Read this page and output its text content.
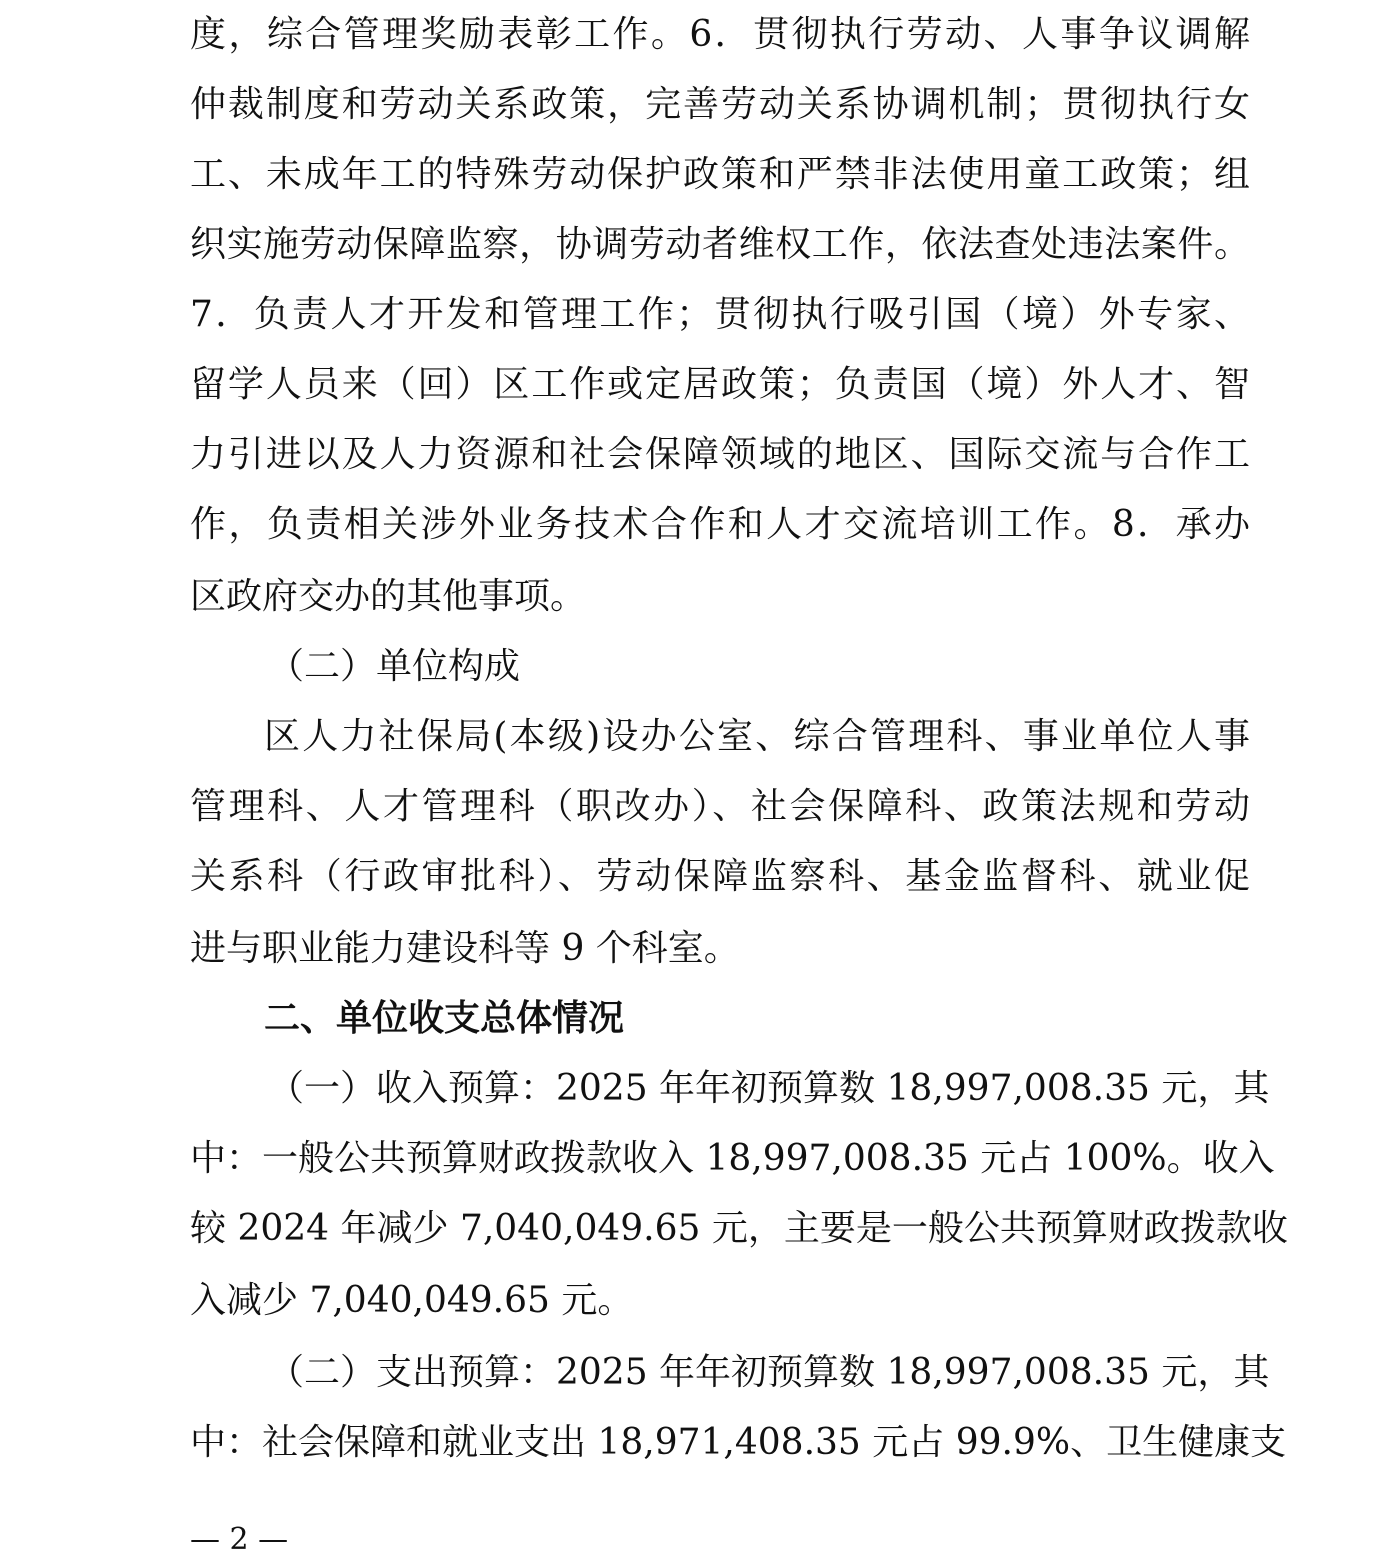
度，综合管理奖励表彰工作。6．贯彻执行劳动、人事争议调解
仲裁制度和劳动关系政策，完善劳动关系协调机制；贯彻执行女
工、未成年工的特殊劳动保护政策和严禁非法使用童工政策；组
织实施劳动保障监察，协调劳动者维权工作，依法查处违法案件。
7．负责人才开发和管理工作；贯彻执行吸引国（境）外专家、
留学人员来（回）区工作或定居政策；负责国（境）外人才、智
力引进以及人力资源和社会保障领域的地区、国际交流与合作工
作，负责相关涉外业务技术合作和人才交流培训工作。8．承办
区政府交办的其他事项。
（二）单位构成
区人力社保局(本级)设办公室、综合管理科、事业单位人事
管理科、人才管理科（职改办）、社会保障科、政策法规和劳动
关系科（行政审批科）、劳动保障监察科、基金监督科、就业促
进与职业能力建设科等 9 个科室。
二、单位收支总体情况
（一）收入预算：2025 年年初预算数 18,997,008.35 元，其
中：一般公共预算财政拨款收入 18,997,008.35 元占 100%。收入
较 2024 年减少 7,040,049.65 元，主要是一般公共预算财政拨款收
入减少 7,040,049.65 元。
（二）支出预算：2025 年年初预算数 18,997,008.35 元，其
中：社会保障和就业支出 18,971,408.35 元占 99.9%、卫生健康支
— 2 —
